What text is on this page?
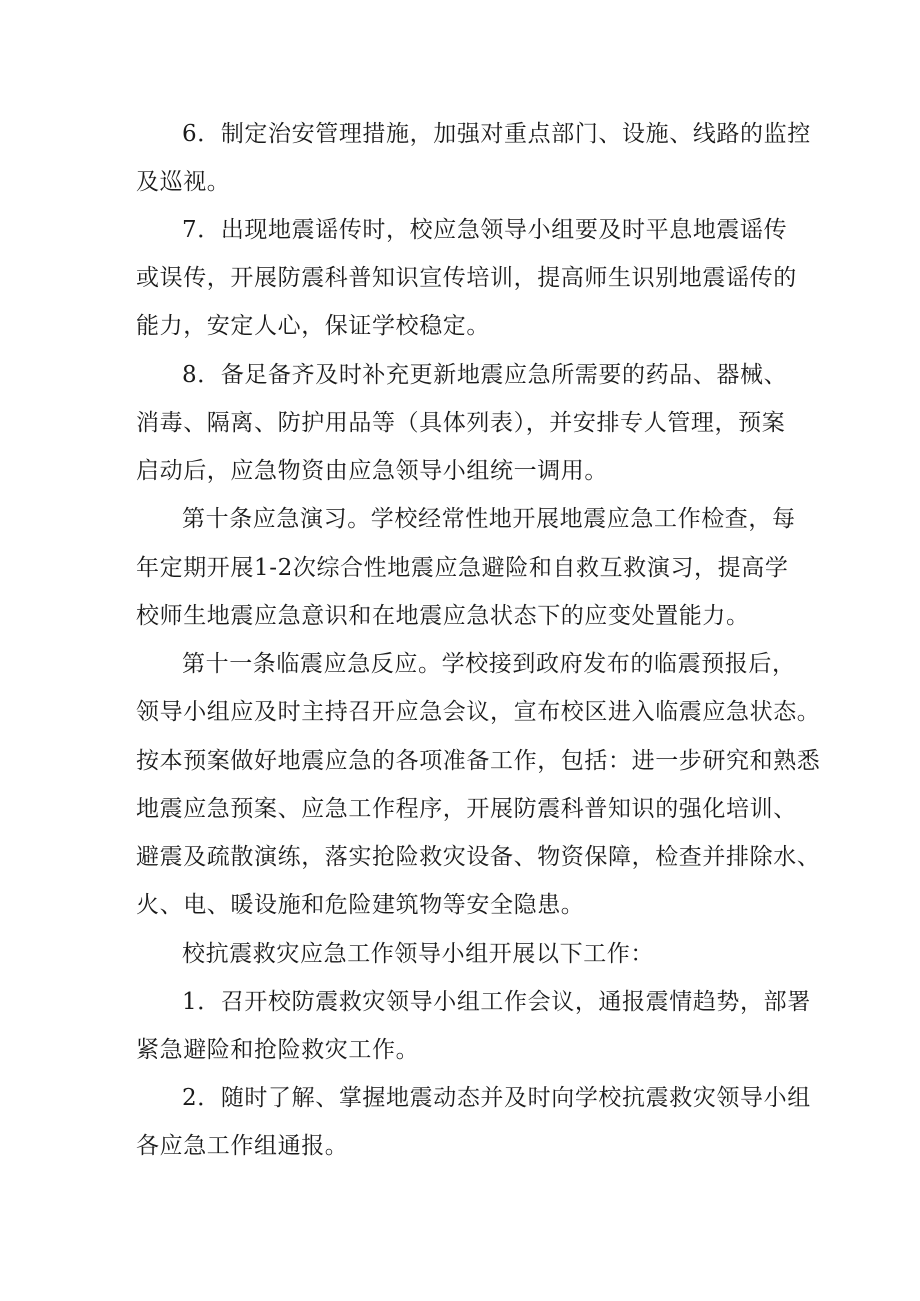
6．制定治安管理措施，加强对重点部门、设施、线路的监控
及巡视。
7．出现地震谣传时，校应急领导小组要及时平息地震谣传
或误传，开展防震科普知识宣传培训，提高师生识别地震谣传的
能力，安定人心，保证学校稳定。
8．备足备齐及时补充更新地震应急所需要的药品、器械、
消毒、隔离、防护用品等（具体列表），并安排专人管理，预案
启动后，应急物资由应急领导小组统一调用。
第十条应急演习。学校经常性地开展地震应急工作检查，每
年定期开展1-2次综合性地震应急避险和自救互救演习，提高学
校师生地震应急意识和在地震应急状态下的应变处置能力。
第十一条临震应急反应。学校接到政府发布的临震预报后，
领导小组应及时主持召开应急会议，宣布校区进入临震应急状态。
按本预案做好地震应急的各项准备工作，包括：进一步研究和熟悉
地震应急预案、应急工作程序，开展防震科普知识的强化培训、
避震及疏散演练，落实抢险救灾设备、物资保障，检查并排除水、
火、电、暖设施和危险建筑物等安全隐患。
校抗震救灾应急工作领导小组开展以下工作：
1．召开校防震救灾领导小组工作会议，通报震情趋势，部署
紧急避险和抢险救灾工作。
2．随时了解、掌握地震动态并及时向学校抗震救灾领导小组
各应急工作组通报。
